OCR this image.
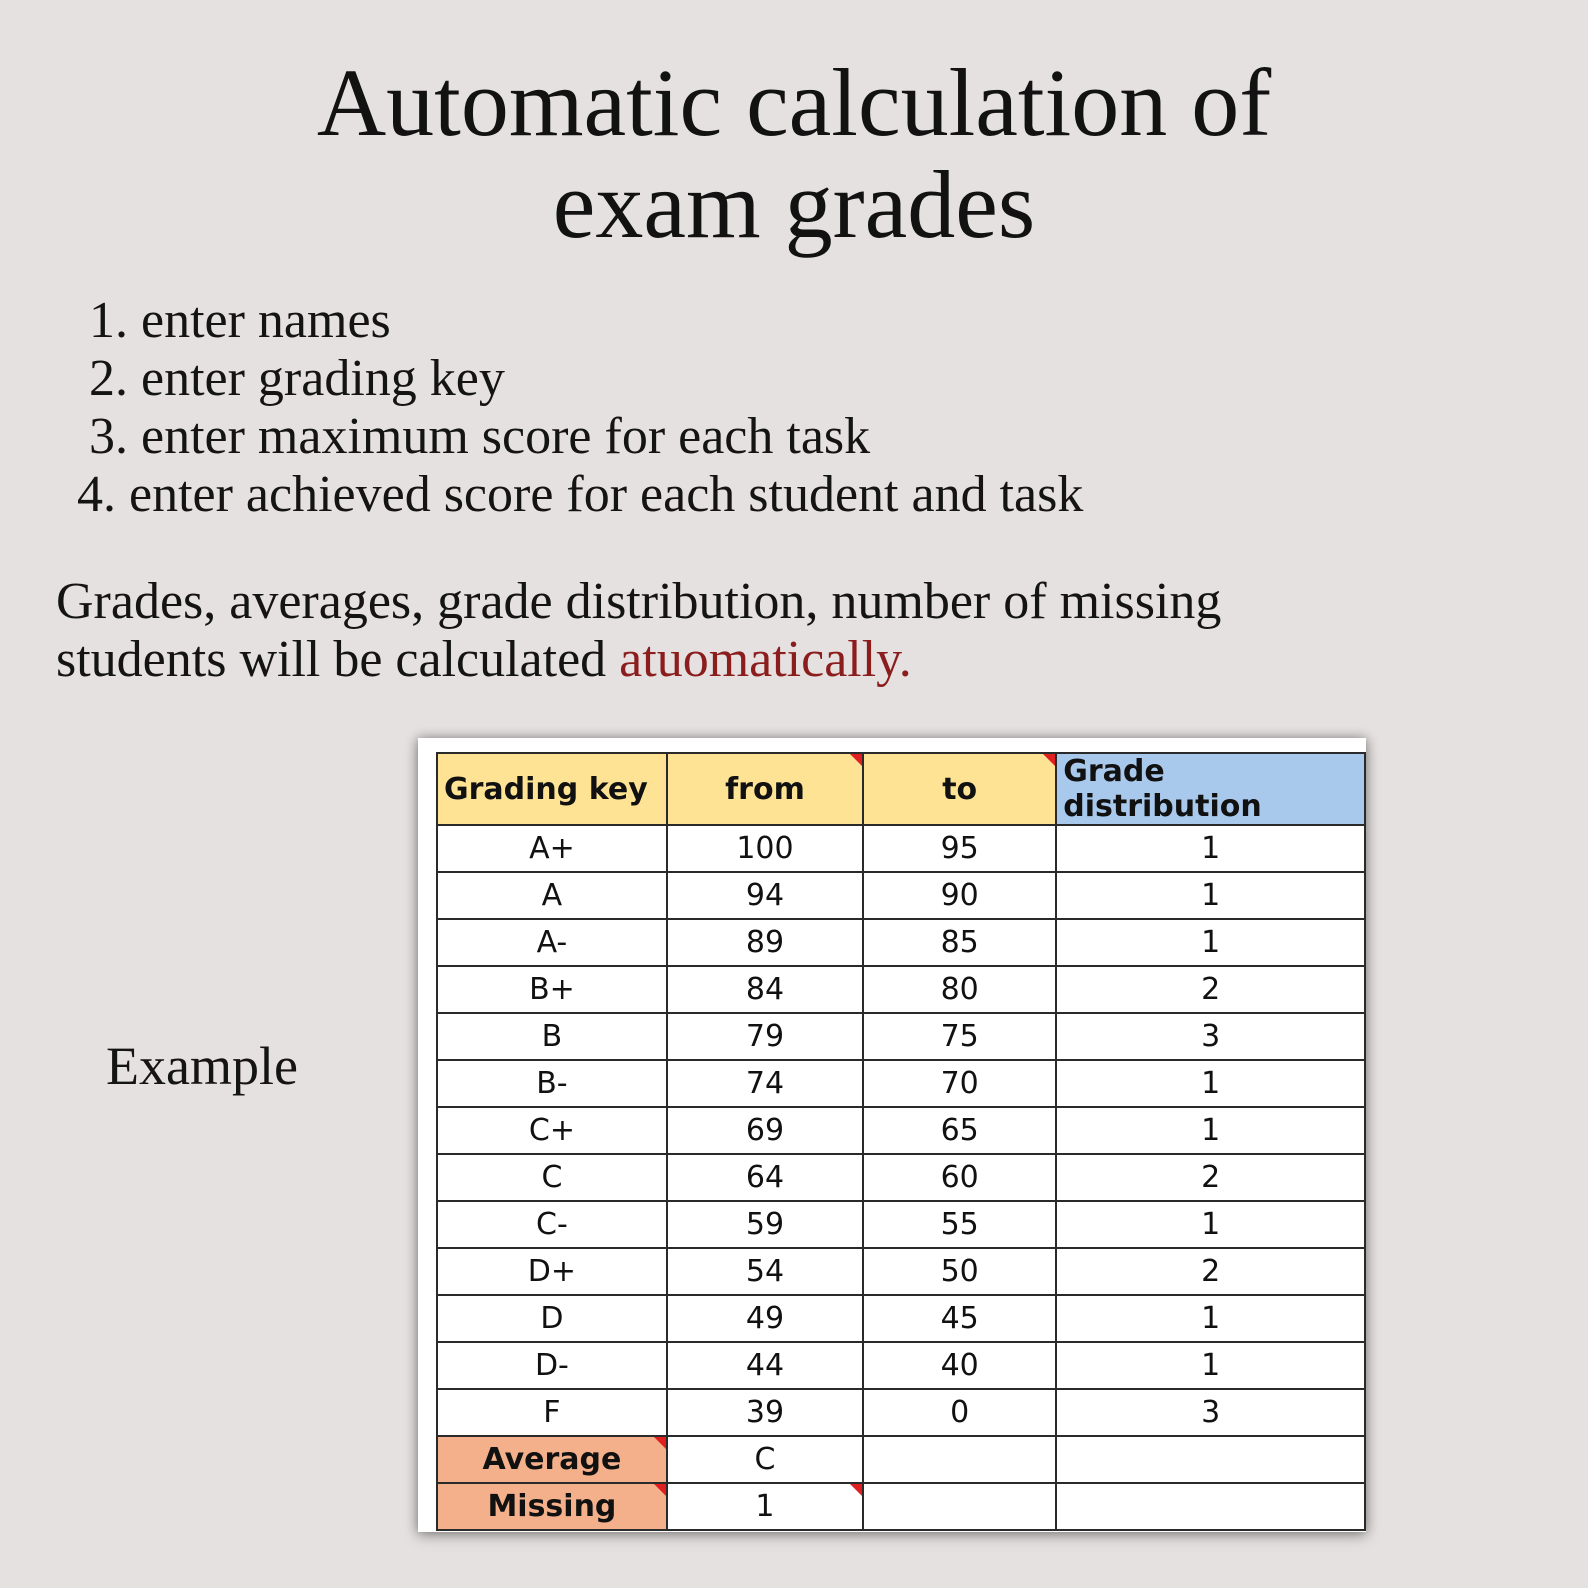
Automatic calculation of
exam grades
1. enter names
2. enter grading key
3. enter maximum score for each task
4. enter achieved score for each student and task
Grades, averages, grade distribution, number of missing
students will be calculated atuomatically.
Example
Grading key	from	to	Grade distribution
A+	100	95	1
A	94	90	1
A-	89	85	1
B+	84	80	2
B	79	75	3
B-	74	70	1
C+	69	65	1
C	64	60	2
C-	59	55	1
D+	54	50	2
D	49	45	1
D-	44	40	1
F	39	0	3
Average	C		
Missing	1
